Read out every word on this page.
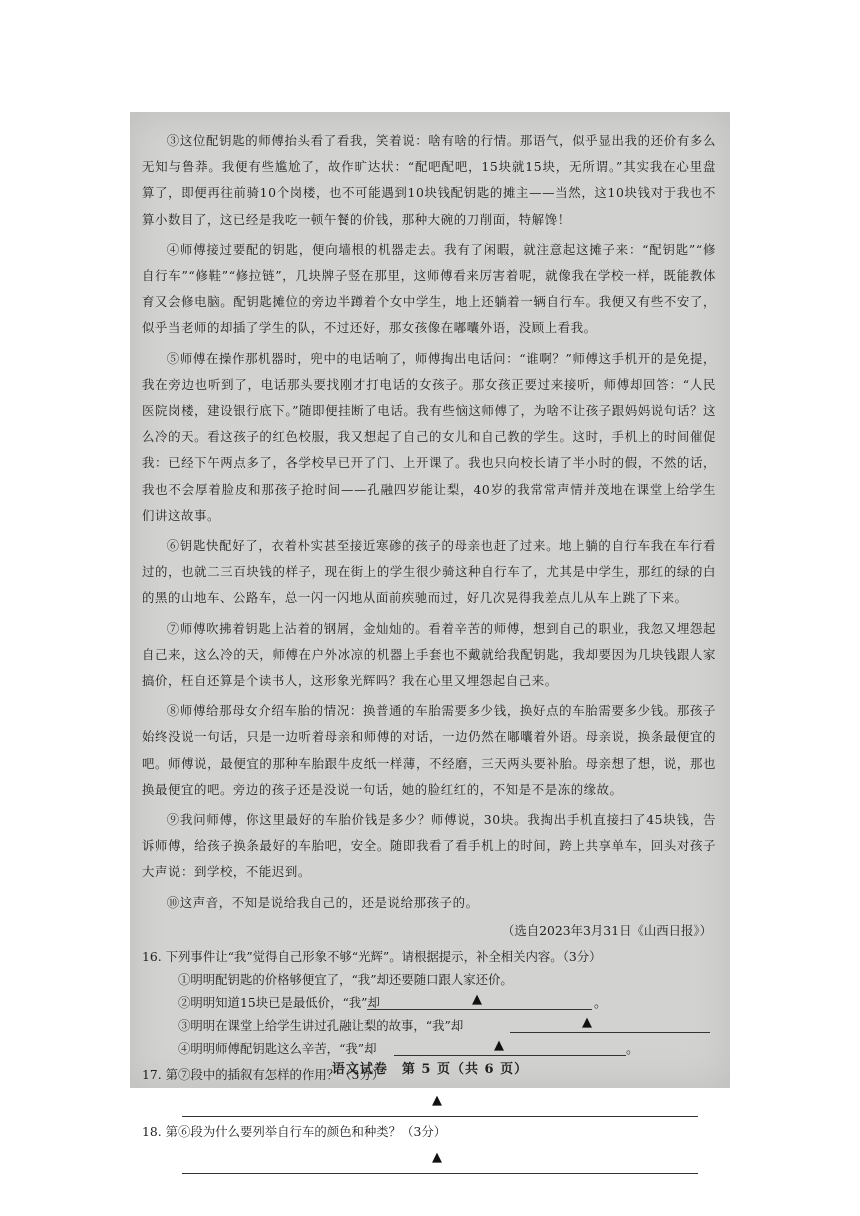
③这位配钥匙的师傅抬头看了看我，笑着说：啥有啥的行情。那语气，似乎显出我的还价有多么无知与鲁莽。我便有些尴尬了，故作旷达状：“配吧配吧，15块就15块，无所谓。”其实我在心里盘算了，即便再往前骑10个岗楼，也不可能遇到10块钱配钥匙的摊主——当然，这10块钱对于我也不算小数目了，这已经是我吃一顿午餐的价钱，那种大碗的刀削面，特解馋！

④师傅接过要配的钥匙，便向墙根的机器走去。我有了闲暇，就注意起这摊子来：“配钥匙”“修自行车”“修鞋”“修拉链”，几块牌子竖在那里，这师傅看来厉害着呢，就像我在学校一样，既能教体育又会修电脑。配钥匙摊位的旁边半蹲着个女中学生，地上还躺着一辆自行车。我便又有些不安了，似乎当老师的却插了学生的队，不过还好，那女孩像在嘟囔外语，没顾上看我。

⑤师傅在操作那机器时，兜中的电话响了，师傅掏出电话问：“谁啊？”师傅这手机开的是免提，我在旁边也听到了，电话那头要找刚才打电话的女孩子。那女孩正要过来接听，师傅却回答：“人民医院岗楼，建设银行底下。”随即便挂断了电话。我有些恼这师傅了，为啥不让孩子跟妈妈说句话？这么冷的天。看这孩子的红色校服，我又想起了自己的女儿和自己教的学生。这时，手机上的时间催促我：已经下午两点多了，各学校早已开了门、上开课了。我也只向校长请了半小时的假，不然的话，我也不会厚着脸皮和那孩子抢时间——孔融四岁能让梨，40岁的我常常声情并茂地在课堂上给学生们讲这故事。

⑥钥匙快配好了，衣着朴实甚至接近寒碜的孩子的母亲也赶了过来。地上躺的自行车我在车行看过的，也就二三百块钱的样子，现在街上的学生很少骑这种自行车了，尤其是中学生，那红的绿的白的黑的山地车、公路车，总一闪一闪地从面前疾驰而过，好几次晃得我差点儿从车上跳了下来。

⑦师傅吹拂着钥匙上沾着的钢屑，金灿灿的。看着辛苦的师傅，想到自己的职业，我忽又埋怨起自己来，这么冷的天，师傅在户外冰凉的机器上手套也不戴就给我配钥匙，我却要因为几块钱跟人家搞价，枉自还算是个读书人，这形象光辉吗？我在心里又埋怨起自己来。

⑧师傅给那母女介绍车胎的情况：换普通的车胎需要多少钱，换好点的车胎需要多少钱。那孩子始终没说一句话，只是一边听着母亲和师傅的对话，一边仍然在嘟囔着外语。母亲说，换条最便宜的吧。师傅说，最便宜的那种车胎跟牛皮纸一样薄，不经磨，三天两头要补胎。母亲想了想，说，那也换最便宜的吧。旁边的孩子还是没说一句话，她的脸红红的，不知是不是冻的缘故。

⑨我问师傅，你这里最好的车胎价钱是多少？师傅说，30块。我掏出手机直接扫了45块钱，告诉师傅，给孩子换条最好的车胎吧，安全。随即我看了看手机上的时间，跨上共享单车，回头对孩子大声说：到学校，不能迟到。

⑩这声音，不知是说给我自己的，还是说给那孩子的。

（选自2023年3月31日《山西日报》）
16. 下列事件让“我”觉得自己形象不够“光辉”。请根据提示，补全相关内容。（3分）
①明明配钥匙的价格够便宜了，“我”却还要随口跟人家还价。
②明明知道15块已是最低价，“我”却	▲	。
③明明在课堂上给学生讲过孔融让梨的故事，“我”却	▲
④明明师傅配钥匙这么辛苦，“我”却	▲	。
17. 第⑦段中的插叙有怎样的作用？（3分）
▲
18. 第⑥段为什么要列举自行车的颜色和种类？（3分）
▲
语文试卷　第 5 页（共 6 页）
